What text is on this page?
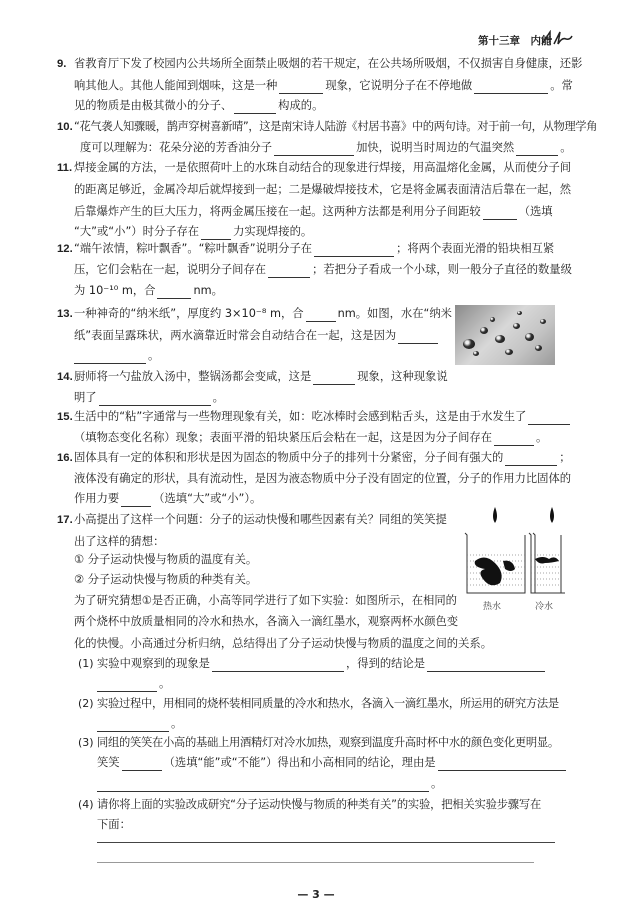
第十三章　内能
9. 省教育厅下发了校园内公共场所全面禁止吸烟的若干规定，在公共场所吸烟，不仅损害自身健康，还影
响其他人。其他人能闻到烟味，这是一种	现象，它说明分子在不停地做	。常
见的物质是由极其微小的分子、	构成的。
10. “花气袭人知骤暖，鹊声穿树喜新晴”，这是南宋诗人陆游《村居书喜》中的两句诗。对于前一句，从物理学角
度可以理解为：花朵分泌的芳香油分子	加快，说明当时周边的气温突然	。
11. 焊接金属的方法，一是依照荷叶上的水珠自动结合的现象进行焊接，用高温熔化金属，从而使分子间
的距离足够近，金属冷却后就焊接到一起；二是爆破焊接技术，它是将金属表面清洁后靠在一起，然
后靠爆炸产生的巨大压力，将两金属压接在一起。这两种方法都是利用分子间距较	（选填
“大”或“小”）时分子存在	力实现焊接的。
12. “端午浓情，粽叶飘香”。“粽叶飘香”说明分子在	；将两个表面光滑的铅块相互紧
压，它们会粘在一起，说明分子间存在	；若把分子看成一个小球，则一般分子直径的数量级
为 10⁻¹⁰ m，合	nm。
13. 一种神奇的“纳米纸”，厚度约 3×10⁻⁸ m，合	nm。如图，水在“纳米
纸”表面呈露珠状，两水滴靠近时常会自动结合在一起，这是因为
。
14. 厨师将一勺盐放入汤中，整锅汤都会变咸，这是	现象，这种现象说
明了	。
15. 生活中的“粘”字通常与一些物理现象有关，如：吃冰棒时会感到粘舌头，这是由于水发生了
（填物态变化名称）现象；表面平滑的铅块紧压后会粘在一起，这是因为分子间存在	。
16. 固体具有一定的体积和形状是因为固态的物质中分子的排列十分紧密，分子间有强大的	；
液体没有确定的形状，具有流动性，是因为液态物质中分子没有固定的位置，分子的作用力比固体的
作用力要	（选填“大”或“小”）。
17. 小高提出了这样一个问题：分子的运动快慢和哪些因素有关？同组的笑笑提
出了这样的猜想：
① 分子运动快慢与物质的温度有关。
② 分子运动快慢与物质的种类有关。
为了研究猜想①是否正确，小高等同学进行了如下实验：如图所示，在相同的
两个烧杯中放质量相同的冷水和热水，各滴入一滴红墨水，观察两杯水颜色变
化的快慢。小高通过分析归纳，总结得出了分子运动快慢与物质的温度之间的关系。
热水	冷水
(1) 实验中观察到的现象是	，得到的结论是
。
(2) 实验过程中，用相同的烧杯装相同质量的冷水和热水，各滴入一滴红墨水，所运用的研究方法是
。
(3) 同组的笑笑在小高的基础上用酒精灯对冷水加热，观察到温度升高时杯中水的颜色变化更明显。
笑笑	（选填“能”或“不能”）得出和小高相同的结论，理由是
。
(4) 请你将上面的实验改成研究“分子运动快慢与物质的种类有关”的实验，把相关实验步骤写在
下面：
— 3 —
